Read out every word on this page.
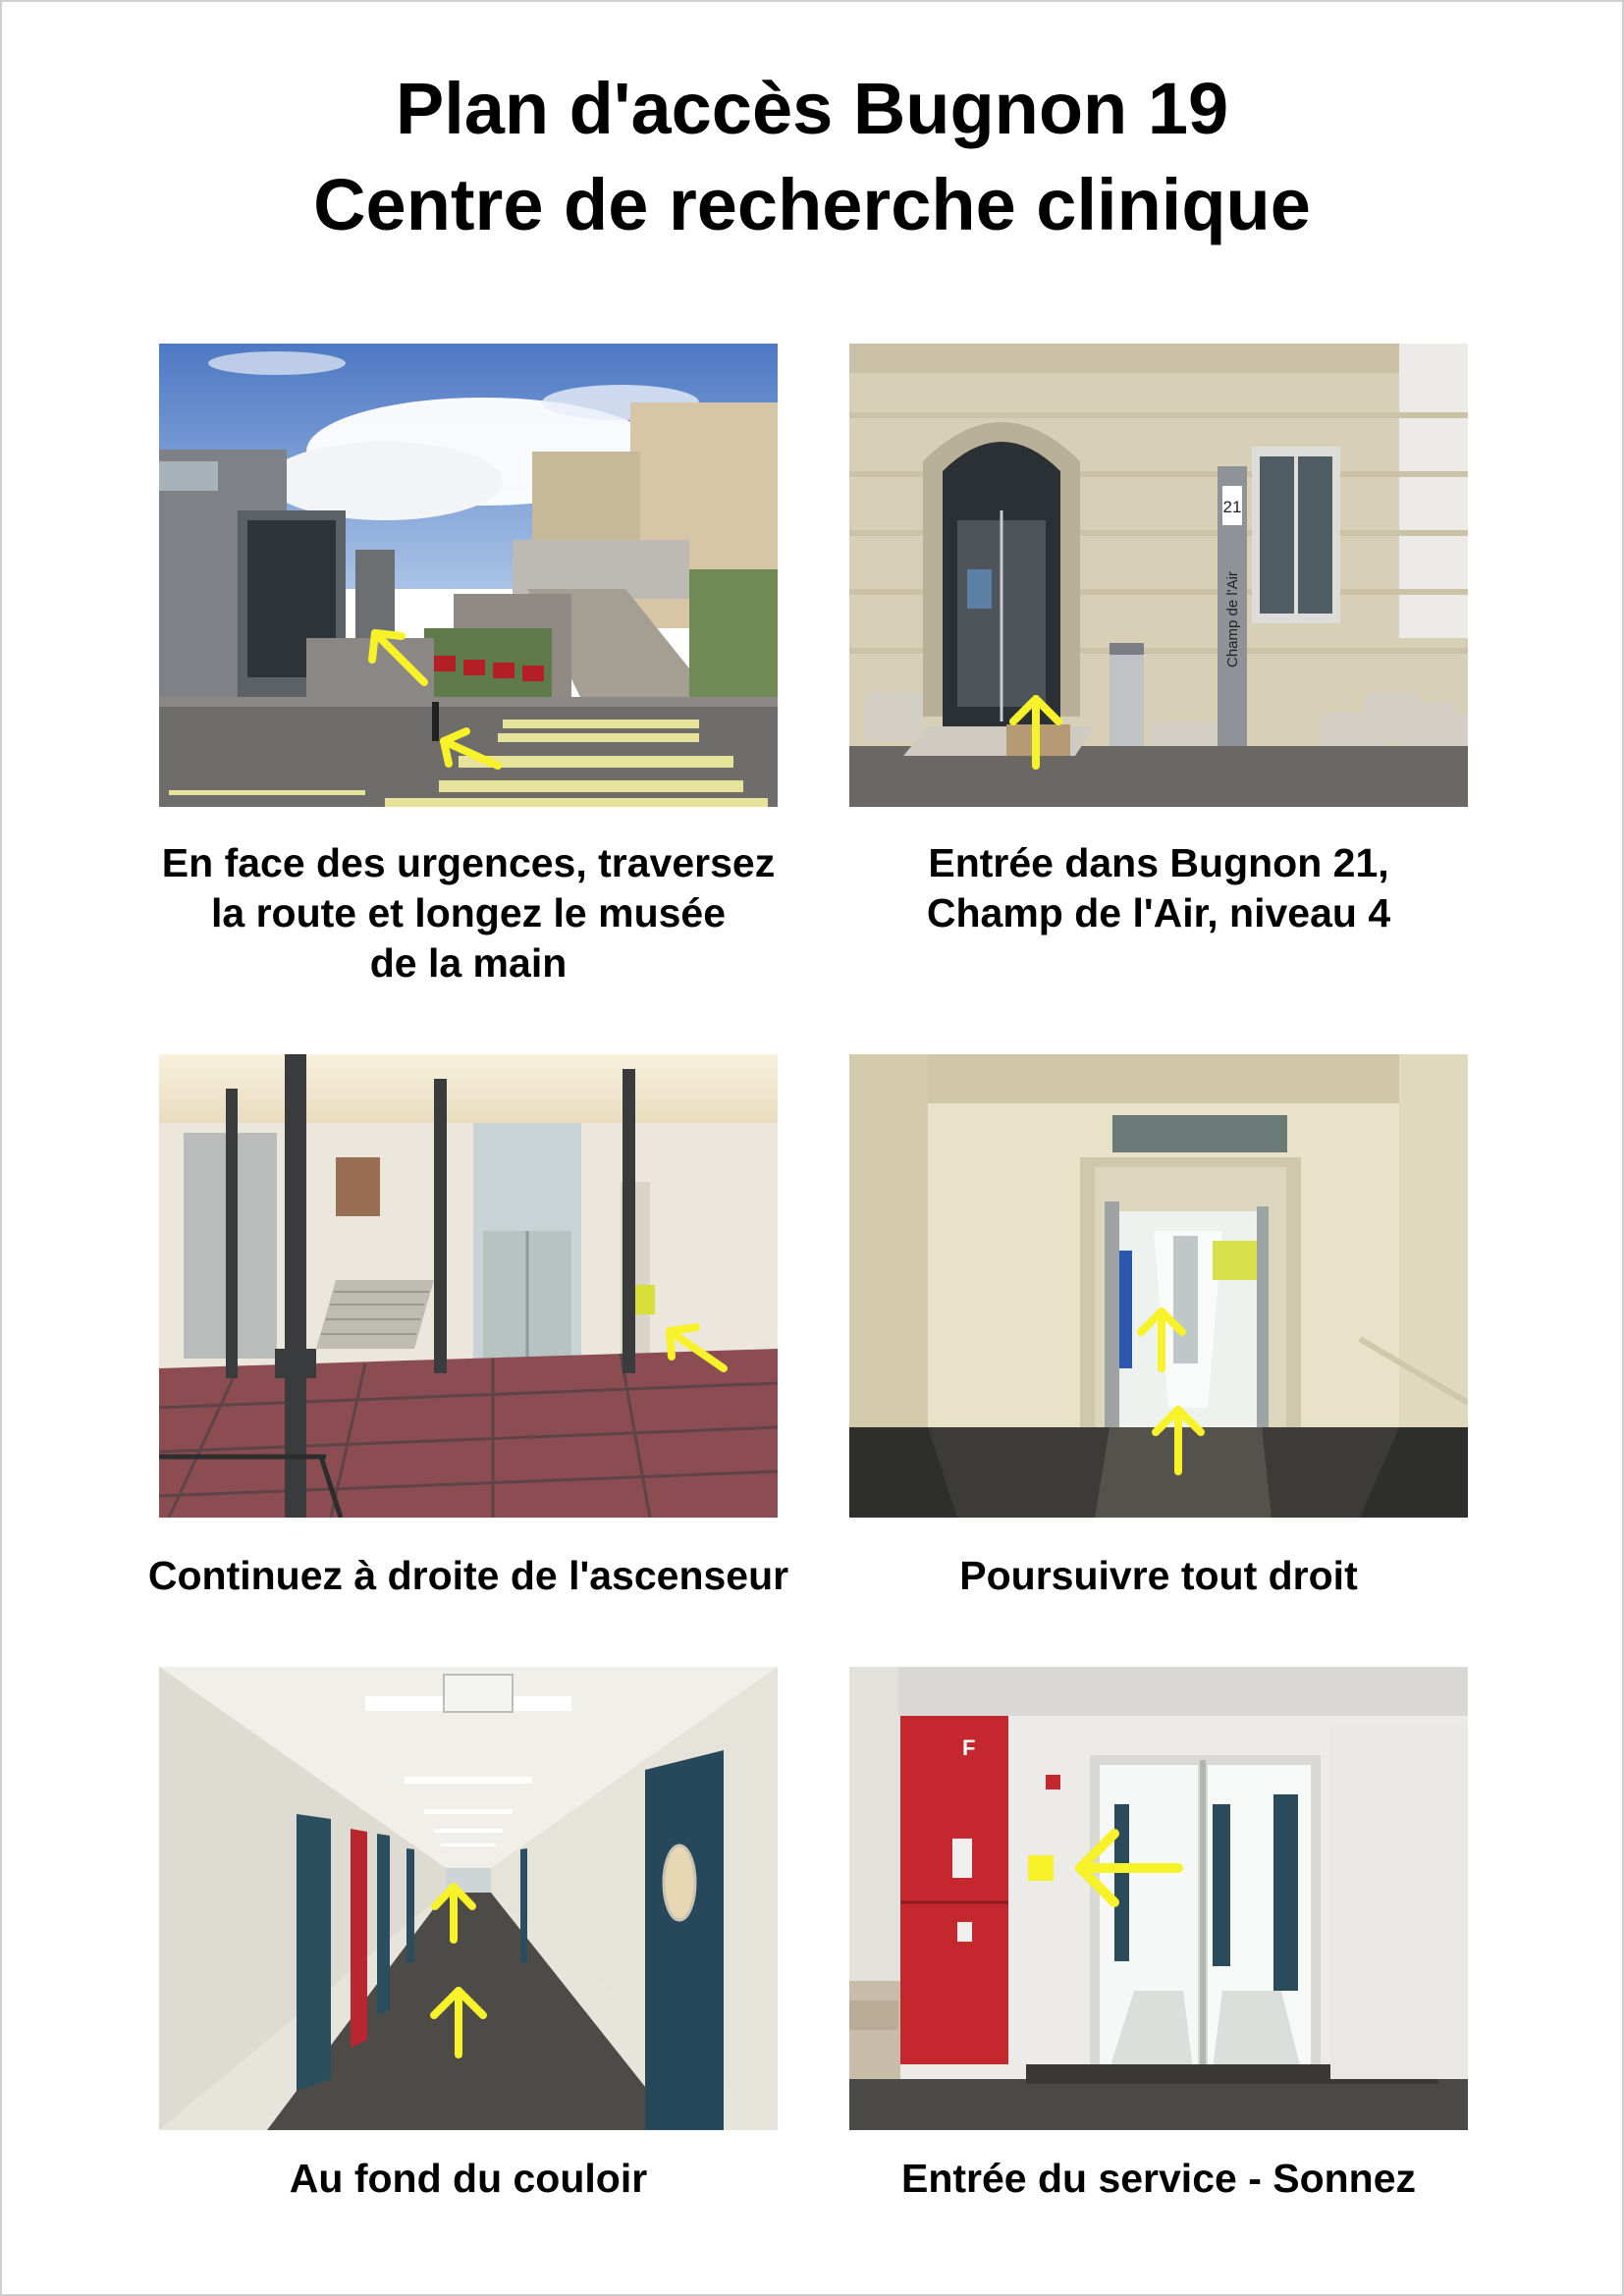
Plan d'accès Bugnon 19
Centre de recherche clinique
21
Champ de l'Air
En face des urgences, traversez
la route et longez le musée
de la main
Entrée dans Bugnon 21,
Champ de l'Air, niveau 4
Continuez à droite de l'ascenseur	Poursuivre tout droit
F
Au fond du couloir	Entrée du service - Sonnez
